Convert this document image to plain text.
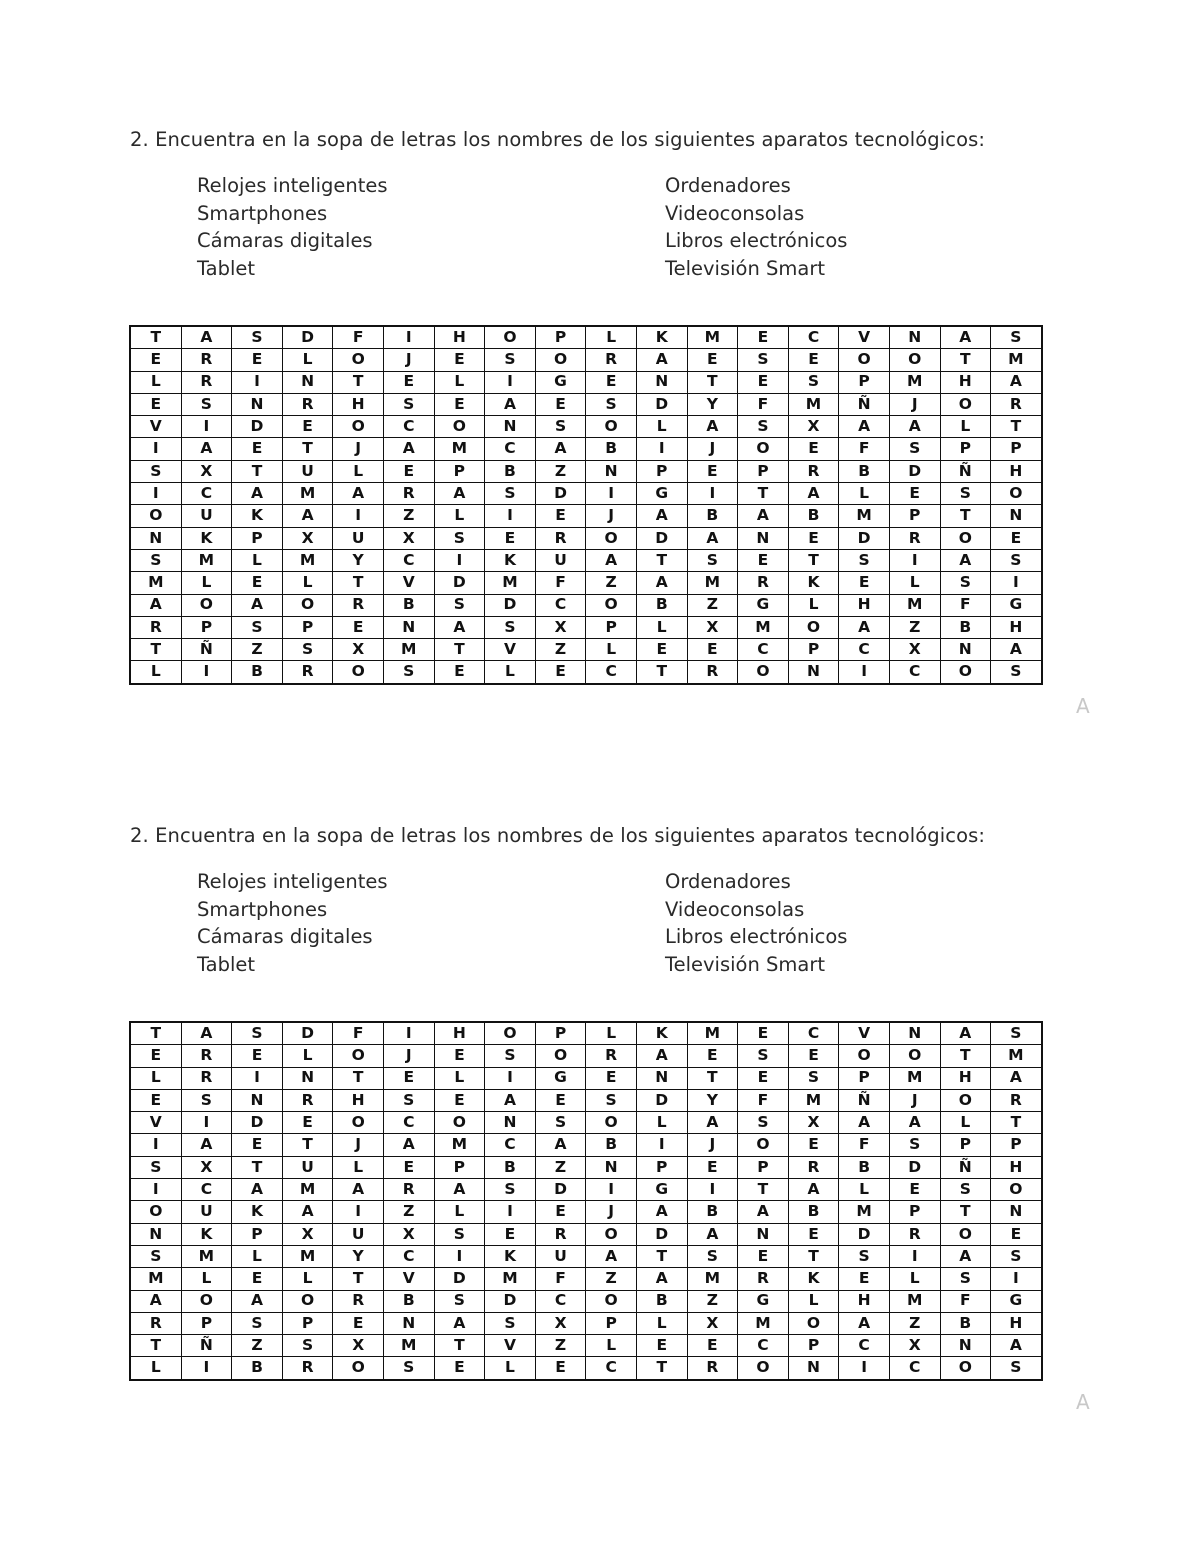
2. Encuentra en la sopa de letras los nombres de los siguientes aparatos tecnológicos:
Relojes inteligentes
Smartphones
Cámaras digitales
Tablet
Ordenadores
Videoconsolas
Libros electrónicos
Televisión Smart
T	A	S	D	F	I	H	O	P	L	K	M	E	C	V	N	A	S
E	R	E	L	O	J	E	S	O	R	A	E	S	E	O	O	T	M
L	R	I	N	T	E	L	I	G	E	N	T	E	S	P	M	H	A
E	S	N	R	H	S	E	A	E	S	D	Y	F	M	Ñ	J	O	R
V	I	D	E	O	C	O	N	S	O	L	A	S	X	A	A	L	T
I	A	E	T	J	A	M	C	A	B	I	J	O	E	F	S	P	P
S	X	T	U	L	E	P	B	Z	N	P	E	P	R	B	D	Ñ	H
I	C	A	M	A	R	A	S	D	I	G	I	T	A	L	E	S	O
O	U	K	A	I	Z	L	I	E	J	A	B	A	B	M	P	T	N
N	K	P	X	U	X	S	E	R	O	D	A	N	E	D	R	O	E
S	M	L	M	Y	C	I	K	U	A	T	S	E	T	S	I	A	S
M	L	E	L	T	V	D	M	F	Z	A	M	R	K	E	L	S	I
A	O	A	O	R	B	S	D	C	O	B	Z	G	L	H	M	F	G
R	P	S	P	E	N	A	S	X	P	L	X	M	O	A	Z	B	H
T	Ñ	Z	S	X	M	T	V	Z	L	E	E	C	P	C	X	N	A
L	I	B	R	O	S	E	L	E	C	T	R	O	N	I	C	O	S
A
2. Encuentra en la sopa de letras los nombres de los siguientes aparatos tecnológicos:
Relojes inteligentes
Smartphones
Cámaras digitales
Tablet
Ordenadores
Videoconsolas
Libros electrónicos
Televisión Smart
T	A	S	D	F	I	H	O	P	L	K	M	E	C	V	N	A	S
E	R	E	L	O	J	E	S	O	R	A	E	S	E	O	O	T	M
L	R	I	N	T	E	L	I	G	E	N	T	E	S	P	M	H	A
E	S	N	R	H	S	E	A	E	S	D	Y	F	M	Ñ	J	O	R
V	I	D	E	O	C	O	N	S	O	L	A	S	X	A	A	L	T
I	A	E	T	J	A	M	C	A	B	I	J	O	E	F	S	P	P
S	X	T	U	L	E	P	B	Z	N	P	E	P	R	B	D	Ñ	H
I	C	A	M	A	R	A	S	D	I	G	I	T	A	L	E	S	O
O	U	K	A	I	Z	L	I	E	J	A	B	A	B	M	P	T	N
N	K	P	X	U	X	S	E	R	O	D	A	N	E	D	R	O	E
S	M	L	M	Y	C	I	K	U	A	T	S	E	T	S	I	A	S
M	L	E	L	T	V	D	M	F	Z	A	M	R	K	E	L	S	I
A	O	A	O	R	B	S	D	C	O	B	Z	G	L	H	M	F	G
R	P	S	P	E	N	A	S	X	P	L	X	M	O	A	Z	B	H
T	Ñ	Z	S	X	M	T	V	Z	L	E	E	C	P	C	X	N	A
L	I	B	R	O	S	E	L	E	C	T	R	O	N	I	C	O	S
A
